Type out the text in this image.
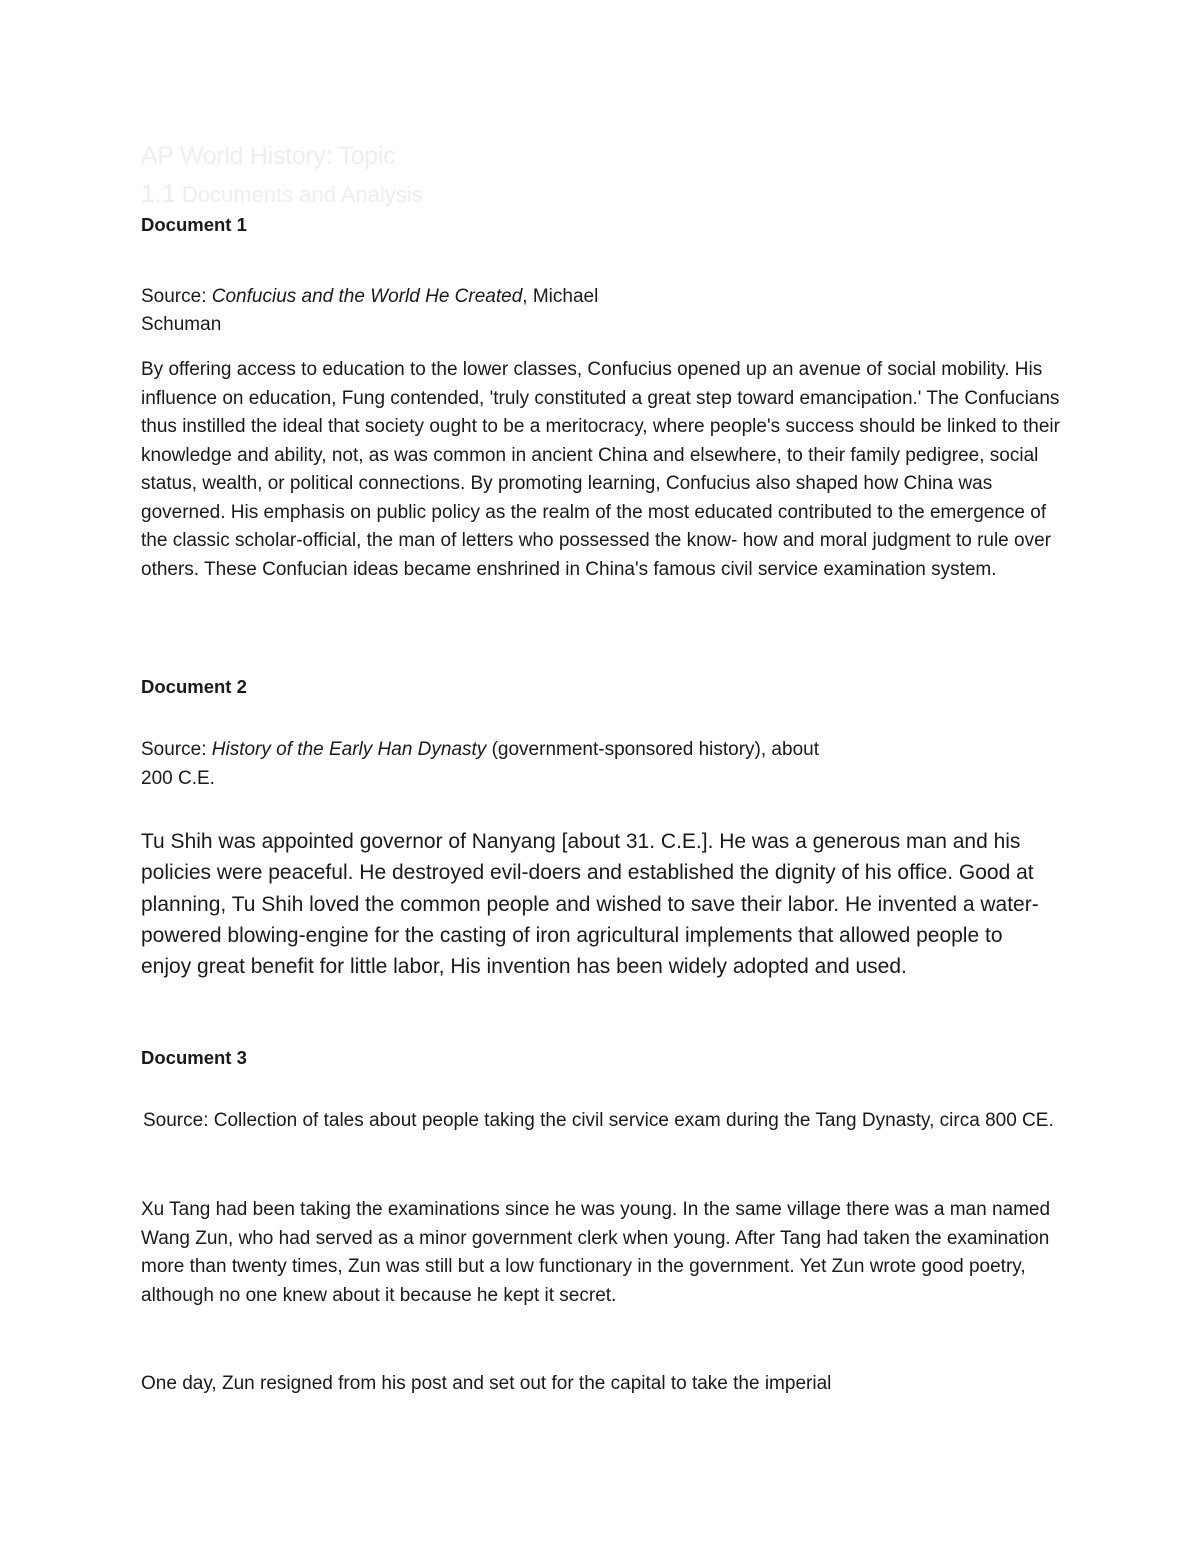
AP World History: Topic
1.1 Documents and Analysis
Document 1
Source: Confucius and the World He Created, Michael
Schuman

By offering access to education to the lower classes, Confucius opened up an avenue of social mobility. His influence on education, Fung contended, 'truly constituted a great step toward emancipation.' The Confucians thus instilled the ideal that society ought to be a meritocracy, where people's success should be linked to their knowledge and ability, not, as was common in ancient China and elsewhere, to their family pedigree, social status, wealth, or political connections. By promoting learning, Confucius also shaped how China was governed. His emphasis on public policy as the realm of the most educated contributed to the emergence of the classic scholar-official, the man of letters who possessed the know- how and moral judgment to rule over others. These Confucian ideas became enshrined in China's famous civil service examination system.

Document 2
Source: History of the Early Han Dynasty (government-sponsored history), about
200 C.E.

Tu Shih was appointed governor of Nanyang [about 31. C.E.]. He was a generous man and his policies were peaceful. He destroyed evil-doers and established the dignity of his office. Good at planning, Tu Shih loved the common people and wished to save their labor. He invented a water-powered blowing-engine for the casting of iron agricultural implements that allowed people to enjoy great benefit for little labor, His invention has been widely adopted and used.

Document 3

Source: Collection of tales about people taking the civil service exam during the Tang Dynasty, circa 800 CE.

Xu Tang had been taking the examinations since he was young. In the same village there was a man named Wang Zun, who had served as a minor government clerk when young. After Tang had taken the examination more than twenty times, Zun was still but a low functionary in the government. Yet Zun wrote good poetry, although no one knew about it because he kept it secret.

One day, Zun resigned from his post and set out for the capital to take the imperial
